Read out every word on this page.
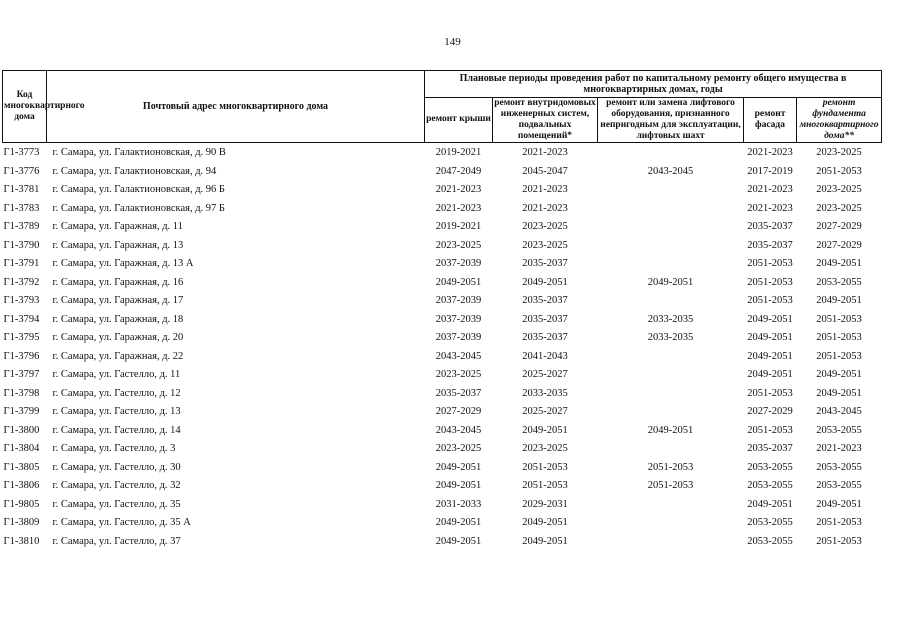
149
Код многоквартирного дома	Почтовый адрес многоквартирного дома	Плановые периоды проведения работ по капитальному ремонту общего имущества в многоквартирных домах, годы				
		ремонт крыши	ремонт внутридомовых инженерных систем, подвальных помещений*	ремонт или замена лифтового оборудования, признанного непригодным для эксплуатации, лифтовых шахт	ремонт фасада	ремонт фундамента многоквартирного дома**
Г1-3773	г. Самара, ул. Галактионовская, д. 90 В	2019-2021	2021-2023		2021-2023	2023-2025
Г1-3776	г. Самара, ул. Галактионовская, д. 94	2047-2049	2045-2047	2043-2045	2017-2019	2051-2053
Г1-3781	г. Самара, ул. Галактионовская, д. 96 Б	2021-2023	2021-2023		2021-2023	2023-2025
Г1-3783	г. Самара, ул. Галактионовская, д. 97 Б	2021-2023	2021-2023		2021-2023	2023-2025
Г1-3789	г. Самара, ул. Гаражная, д. 11	2019-2021	2023-2025		2035-2037	2027-2029
Г1-3790	г. Самара, ул. Гаражная, д. 13	2023-2025	2023-2025		2035-2037	2027-2029
Г1-3791	г. Самара, ул. Гаражная, д. 13 А	2037-2039	2035-2037		2051-2053	2049-2051
Г1-3792	г. Самара, ул. Гаражная, д. 16	2049-2051	2049-2051	2049-2051	2051-2053	2053-2055
Г1-3793	г. Самара, ул. Гаражная, д. 17	2037-2039	2035-2037		2051-2053	2049-2051
Г1-3794	г. Самара, ул. Гаражная, д. 18	2037-2039	2035-2037	2033-2035	2049-2051	2051-2053
Г1-3795	г. Самара, ул. Гаражная, д. 20	2037-2039	2035-2037	2033-2035	2049-2051	2051-2053
Г1-3796	г. Самара, ул. Гаражная, д. 22	2043-2045	2041-2043		2049-2051	2051-2053
Г1-3797	г. Самара, ул. Гастелло, д. 11	2023-2025	2025-2027		2049-2051	2049-2051
Г1-3798	г. Самара, ул. Гастелло, д. 12	2035-2037	2033-2035		2051-2053	2049-2051
Г1-3799	г. Самара, ул. Гастелло, д. 13	2027-2029	2025-2027		2027-2029	2043-2045
Г1-3800	г. Самара, ул. Гастелло, д. 14	2043-2045	2049-2051	2049-2051	2051-2053	2053-2055
Г1-3804	г. Самара, ул. Гастелло, д. 3	2023-2025	2023-2025		2035-2037	2021-2023
Г1-3805	г. Самара, ул. Гастелло, д. 30	2049-2051	2051-2053	2051-2053	2053-2055	2053-2055
Г1-3806	г. Самара, ул. Гастелло, д. 32	2049-2051	2051-2053	2051-2053	2053-2055	2053-2055
Г1-9805	г. Самара, ул. Гастелло, д. 35	2031-2033	2029-2031		2049-2051	2049-2051
Г1-3809	г. Самара, ул. Гастелло, д. 35 А	2049-2051	2049-2051		2053-2055	2051-2053
Г1-3810	г. Самара, ул. Гастелло, д. 37	2049-2051	2049-2051		2053-2055	2051-2053
